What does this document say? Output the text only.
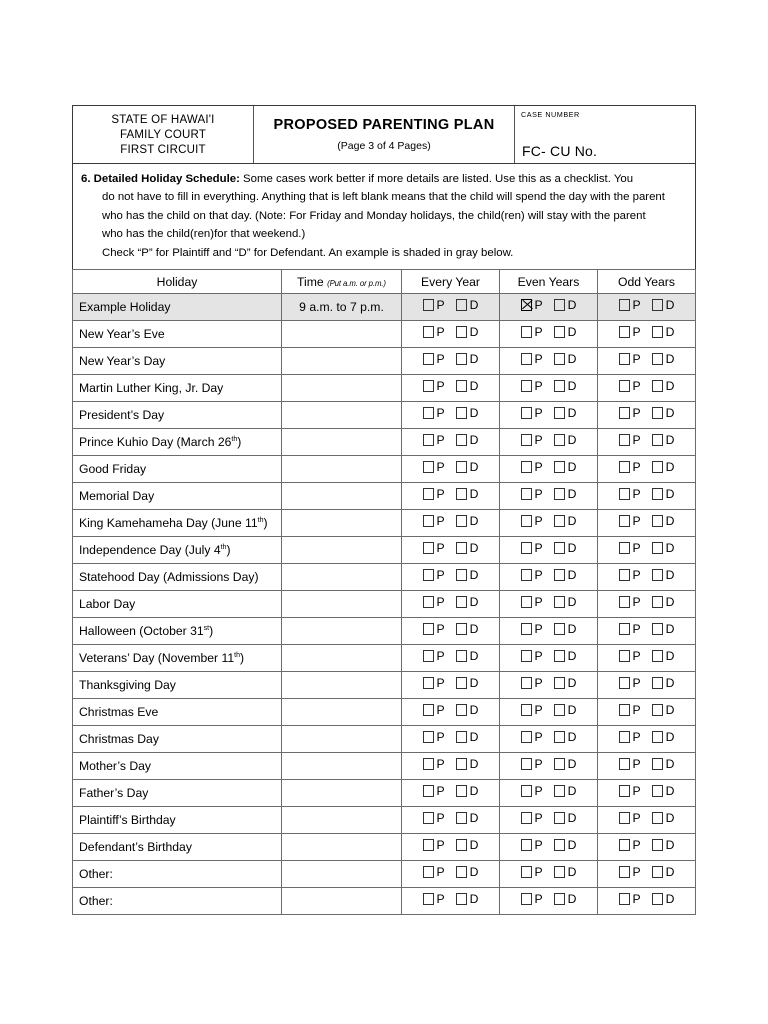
STATE OF HAWAI'I
FAMILY COURT
FIRST CIRCUIT
PROPOSED PARENTING PLAN
(Page 3 of 4 Pages)
CASE NUMBER
FC- CU No.
6. Detailed Holiday Schedule: Some cases work better if more details are listed. Use this as a checklist. You
do not have to fill in everything. Anything that is left blank means that the child will spend the day with the parent
who has the child on that day. (Note: For Friday and Monday holidays, the child(ren) will stay with the parent
who has the child(ren)for that weekend.)
Check “P” for Plaintiff and “D” for Defendant. An example is shaded in gray below.
Holiday	Time (Put a.m. or p.m.)	Every Year	Even Years	Odd Years
Example Holiday	9 a.m. to 7 p.m.	P D	P D	P D

New Year’s Eve		P D	P D	P D

New Year’s Day		P D	P D	P D

Martin Luther King, Jr. Day		P D	P D	P D

President’s Day		P D	P D	P D

Prince Kuhio Day (March 26th)		P D	P D	P D

Good Friday		P D	P D	P D

Memorial Day		P D	P D	P D

King Kamehameha Day (June 11th)		P D	P D	P D

Independence Day (July 4th)		P D	P D	P D

Statehood Day (Admissions Day)		P D	P D	P D

Labor Day		P D	P D	P D

Halloween (October 31st)		P D	P D	P D

Veterans’ Day (November 11th)		P D	P D	P D

Thanksgiving Day		P D	P D	P D

Christmas Eve		P D	P D	P D

Christmas Day		P D	P D	P D

Mother’s Day		P D	P D	P D

Father’s Day		P D	P D	P D

Plaintiff’s Birthday		P D	P D	P D

Defendant’s Birthday		P D	P D	P D

Other:		P D	P D	P D

Other:		P D	P D	P D
